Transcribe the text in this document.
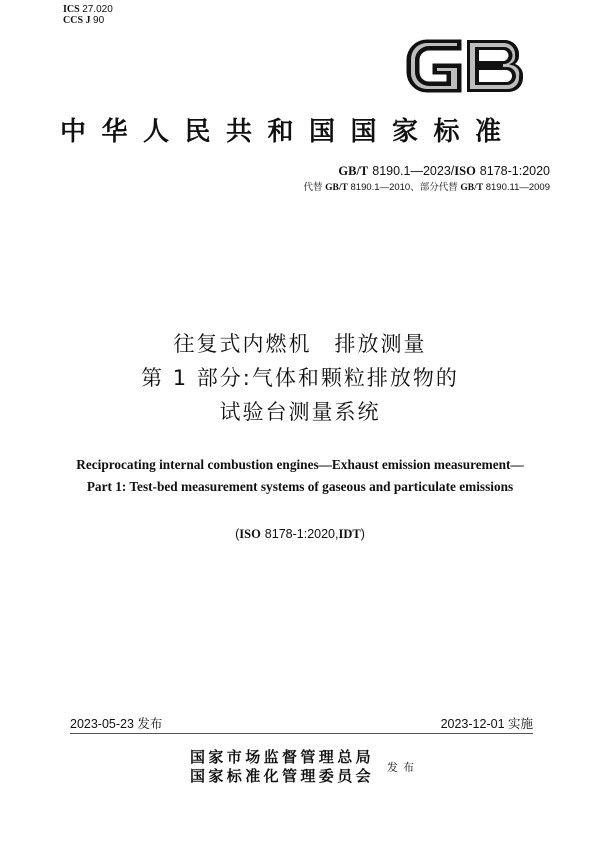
ICS 27.020
CCS J 90
中华人民共和国国家标准
GB/T 8190.1—2023/ISO 8178-1:2020
代替 GB/T 8190.1—2010、部分代替 GB/T 8190.11—2009
往复式内燃机　排放测量
第 1 部分:气体和颗粒排放物的
试验台测量系统
Reciprocating internal combustion engines—Exhaust emission measurement—
Part 1: Test-bed measurement systems of gaseous and particulate emissions
(ISO 8178-1:2020,IDT)
2023-05-23 发布	2023-12-01 实施
国家市场监督管理总局
国家标准化管理委员会 发布
